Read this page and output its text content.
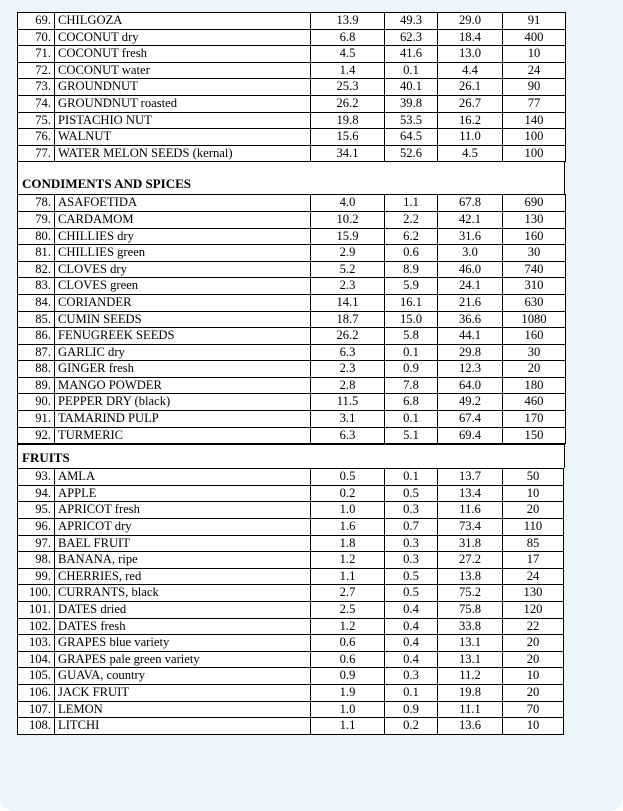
69.	CHILGOZA	13.9	49.3	29.0	91
70.	COCONUT dry	6.8	62.3	18.4	400
71.	COCONUT fresh	4.5	41.6	13.0	10
72.	COCONUT water	1.4	0.1	4.4	24
73.	GROUNDNUT	25.3	40.1	26.1	90
74.	GROUNDNUT roasted	26.2	39.8	26.7	77
75.	PISTACHIO NUT	19.8	53.5	16.2	140
76.	WALNUT	15.6	64.5	11.0	100
77.	WATER MELON SEEDS (kernal)	34.1	52.6	4.5	100
CONDIMENTS AND SPICES
78.	ASAFOETIDA	4.0	1.1	67.8	690
79.	CARDAMOM	10.2	2.2	42.1	130
80.	CHILLIES dry	15.9	6.2	31.6	160
81.	CHILLIES green	2.9	0.6	3.0	30
82.	CLOVES dry	5.2	8.9	46.0	740
83.	CLOVES green	2.3	5.9	24.1	310
84.	CORIANDER	14.1	16.1	21.6	630
85.	CUMIN SEEDS	18.7	15.0	36.6	1080
86.	FENUGREEK SEEDS	26.2	5.8	44.1	160
87.	GARLIC dry	6.3	0.1	29.8	30
88.	GINGER fresh	2.3	0.9	12.3	20
89.	MANGO POWDER	2.8	7.8	64.0	180
90.	PEPPER DRY (black)	11.5	6.8	49.2	460
91.	TAMARIND PULP	3.1	0.1	67.4	170
92.	TURMERIC	6.3	5.1	69.4	150
FRUITS
93.	AMLA	0.5	0.1	13.7	50
94.	APPLE	0.2	0.5	13.4	10
95.	APRICOT fresh	1.0	0.3	11.6	20
96.	APRICOT dry	1.6	0.7	73.4	110
97.	BAEL FRUIT	1.8	0.3	31.8	85
98.	BANANA, ripe	1.2	0.3	27.2	17
99.	CHERRIES, red	1.1	0.5	13.8	24
100.	CURRANTS, black	2.7	0.5	75.2	130
101.	DATES dried	2.5	0.4	75.8	120
102.	DATES fresh	1.2	0.4	33.8	22
103.	GRAPES blue variety	0.6	0.4	13.1	20
104.	GRAPES pale green variety	0.6	0.4	13.1	20
105.	GUAVA, country	0.9	0.3	11.2	10
106.	JACK FRUIT	1.9	0.1	19.8	20
107.	LEMON	1.0	0.9	11.1	70
108.	LITCHI	1.1	0.2	13.6	10
